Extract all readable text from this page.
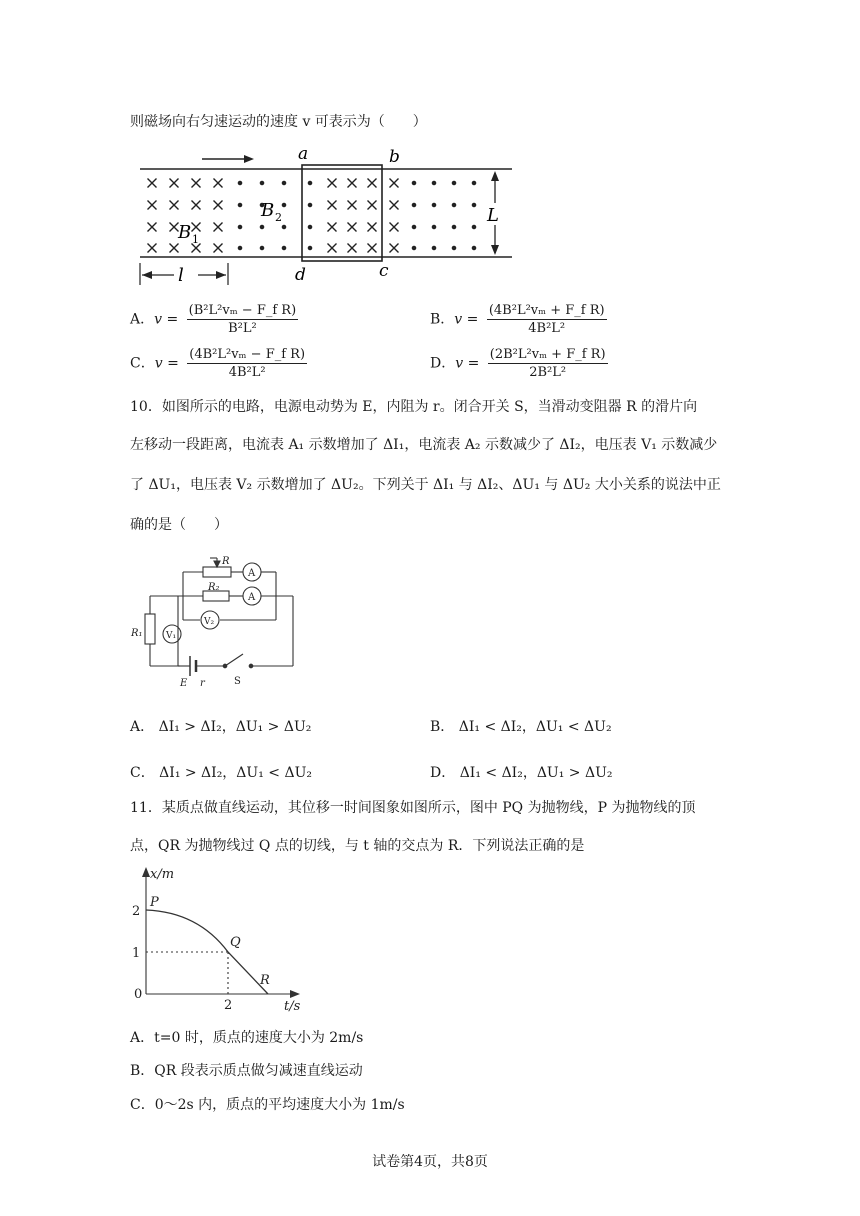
则磁场向右匀速运动的速度 v 可表示为（　　）
a	b
d	c
L
l
B 1
B 2
A．$v = \frac{\text{(B²L²vₘ − F\_f R)}}{\text{B²L²}}$	B．$v = \frac{\text{(4B²L²vₘ + F\_f R)}}{\text{4B²L²}}$
C．$v = \frac{\text{(4B²L²vₘ − F\_f R)}}{\text{4B²L²}}$	D．$v = \frac{\text{(2B²L²vₘ + F\_f R)}}{\text{2B²L²}}$
10．如图所示的电路，电源电动势为 E，内阻为 r。闭合开关 S，当滑动变阻器 R 的滑片向
左移动一段距离，电流表 A₁ 示数增加了 ΔI₁，电流表 A₂ 示数减少了 ΔI₂，电压表 V₁ 示数减少
了 ΔU₁，电压表 V₂ 示数增加了 ΔU₂。下列关于 ΔI₁ 与 ΔI₂、ΔU₁ 与 ΔU₂ 大小关系的说法中正
确的是（　　）
R
R₂
R₁
A
A
V₂
V₁
E r	S
A． ΔI₁ > ΔI₂，ΔU₁ > ΔU₂	B． ΔI₁ < ΔI₂，ΔU₁ < ΔU₂
C． ΔI₁ > ΔI₂，ΔU₁ < ΔU₂	D． ΔI₁ < ΔI₂，ΔU₁ > ΔU₂
11．某质点做直线运动，其位移一时间图象如图所示，图中 PQ 为抛物线，P 为抛物线的顶
点，QR 为抛物线过 Q 点的切线，与 t 轴的交点为 R．下列说法正确的是
x/m
t/s
P
Q
R
2
1
0
2
A．t=0 时，质点的速度大小为 2m/s
B．QR 段表示质点做匀减速直线运动
C．0～2s 内，质点的平均速度大小为 1m/s
试卷第4页，共8页
